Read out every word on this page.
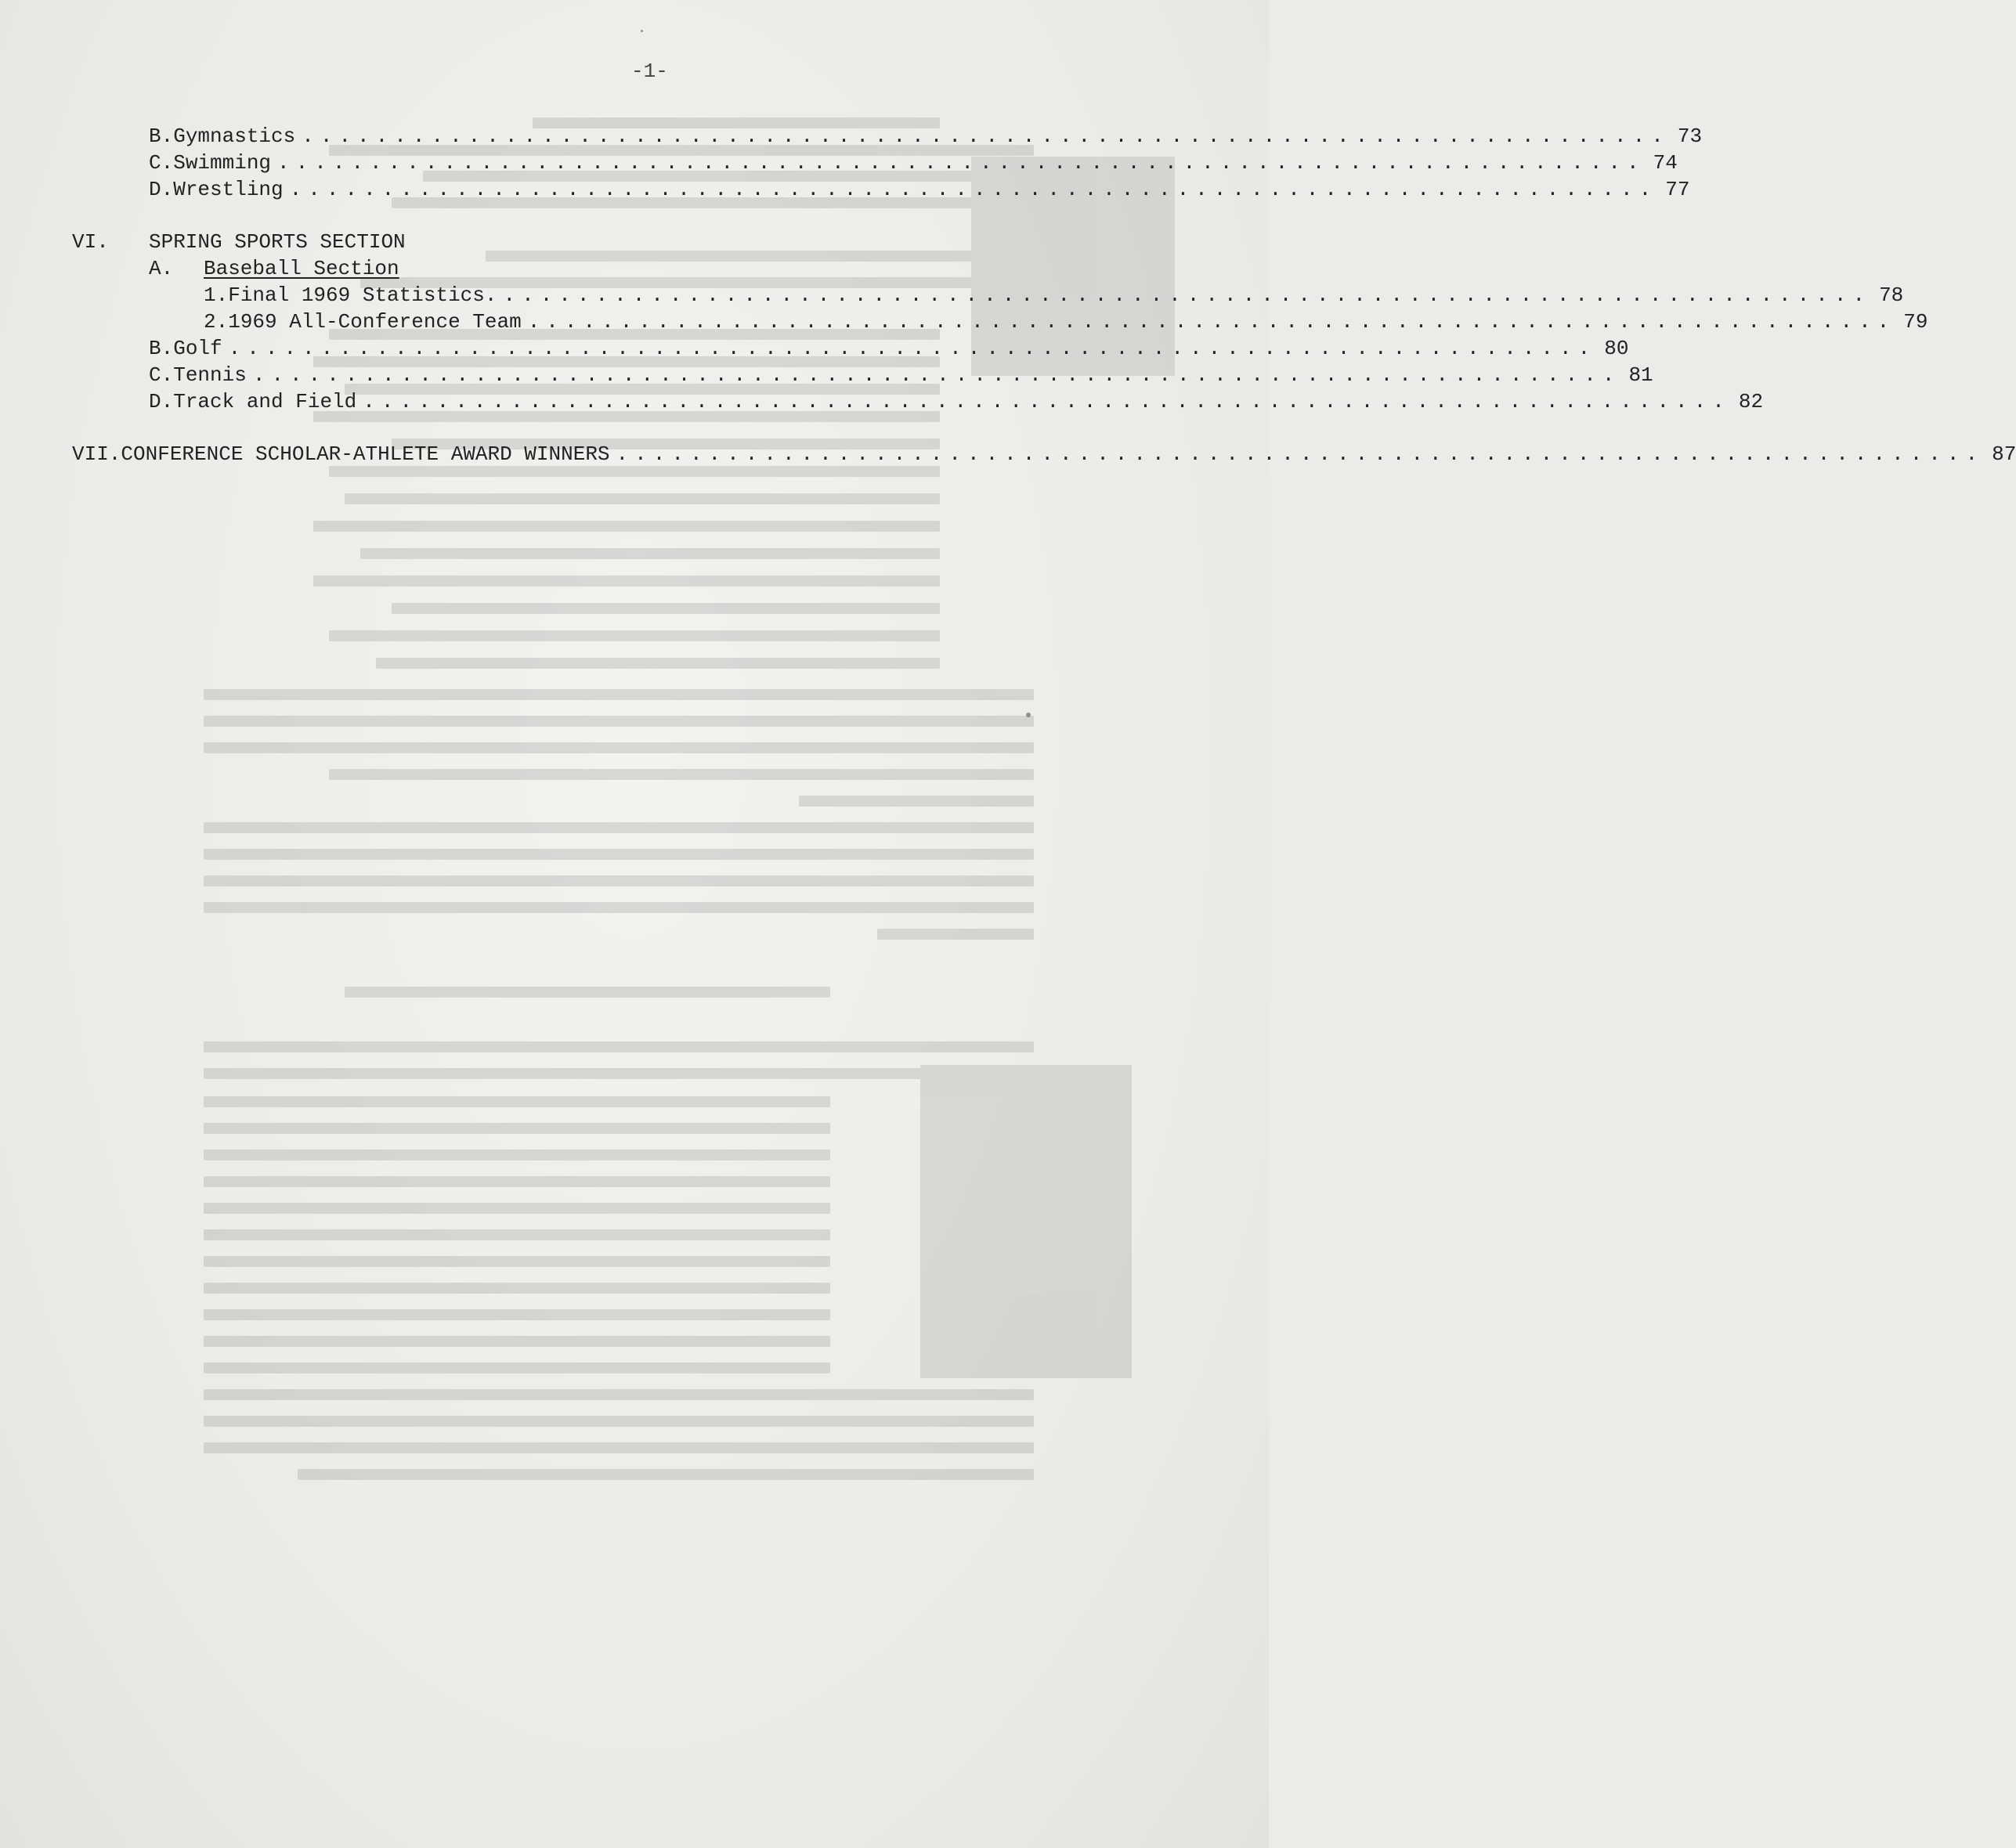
-1-
B. Gymnastics .......................................................................... 73
C. Swimming .......................................................................... 74
D. Wrestling .......................................................................... 77
VI.	SPRING SPORTS SECTION
A.	Baseball Section
1. Final 1969 Statistics. .......................................................................... 78
2. 1969 All-Conference Team .......................................................................... 79
B. Golf .......................................................................... 80
C. Tennis .......................................................................... 81
D. Track and Field .......................................................................... 82
VII. CONFERENCE SCHOLAR-ATHLETE AWARD WINNERS .......................................................................... 87
